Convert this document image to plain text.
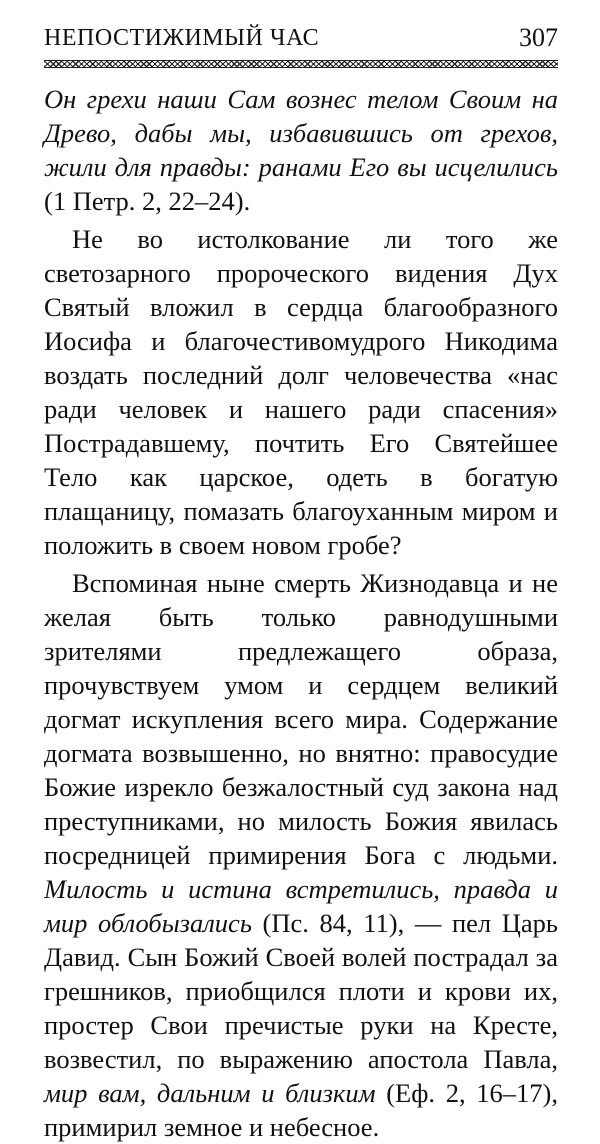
НЕПОСТИЖИМЫЙ ЧАС	307

Он грехи наши Сам вознес телом Своим на Древо, дабы мы, избавившись от грехов, жили для правды: ранами Его вы исцелились (1 Петр. 2, 22–24).

Не во истолкование ли того же светозарного пророческого видения Дух Святый вложил в сердца благообразного Иосифа и благочестивомудрого Никодима воздать последний долг человечества «нас ради человек и нашего ради спасения» Пострадавшему, почтить Его Святейшее Тело как царское, одеть в богатую плащаницу, помазать благоуханным миром и положить в своем новом гробе?

Вспоминая ныне смерть Жизнодавца и не желая быть только равнодушными зрителями предлежащего образа, прочувствуем умом и сердцем великий догмат искупления всего мира. Содержание догмата возвышенно, но внятно: правосудие Божие изрекло безжалостный суд закона над преступниками, но милость Божия явилась посредницей примирения Бога с людьми. Милость и истина встретились, правда и мир облобызались (Пс. 84, 11), — пел Царь Давид. Сын Божий Своей волей пострадал за грешников, приобщился плоти и крови их, простер Свои пречистые руки на Кресте, возвестил, по выражению апостола Павла, мир вам, дальним и близким (Еф. 2, 16–17), примирил земное и небесное.
